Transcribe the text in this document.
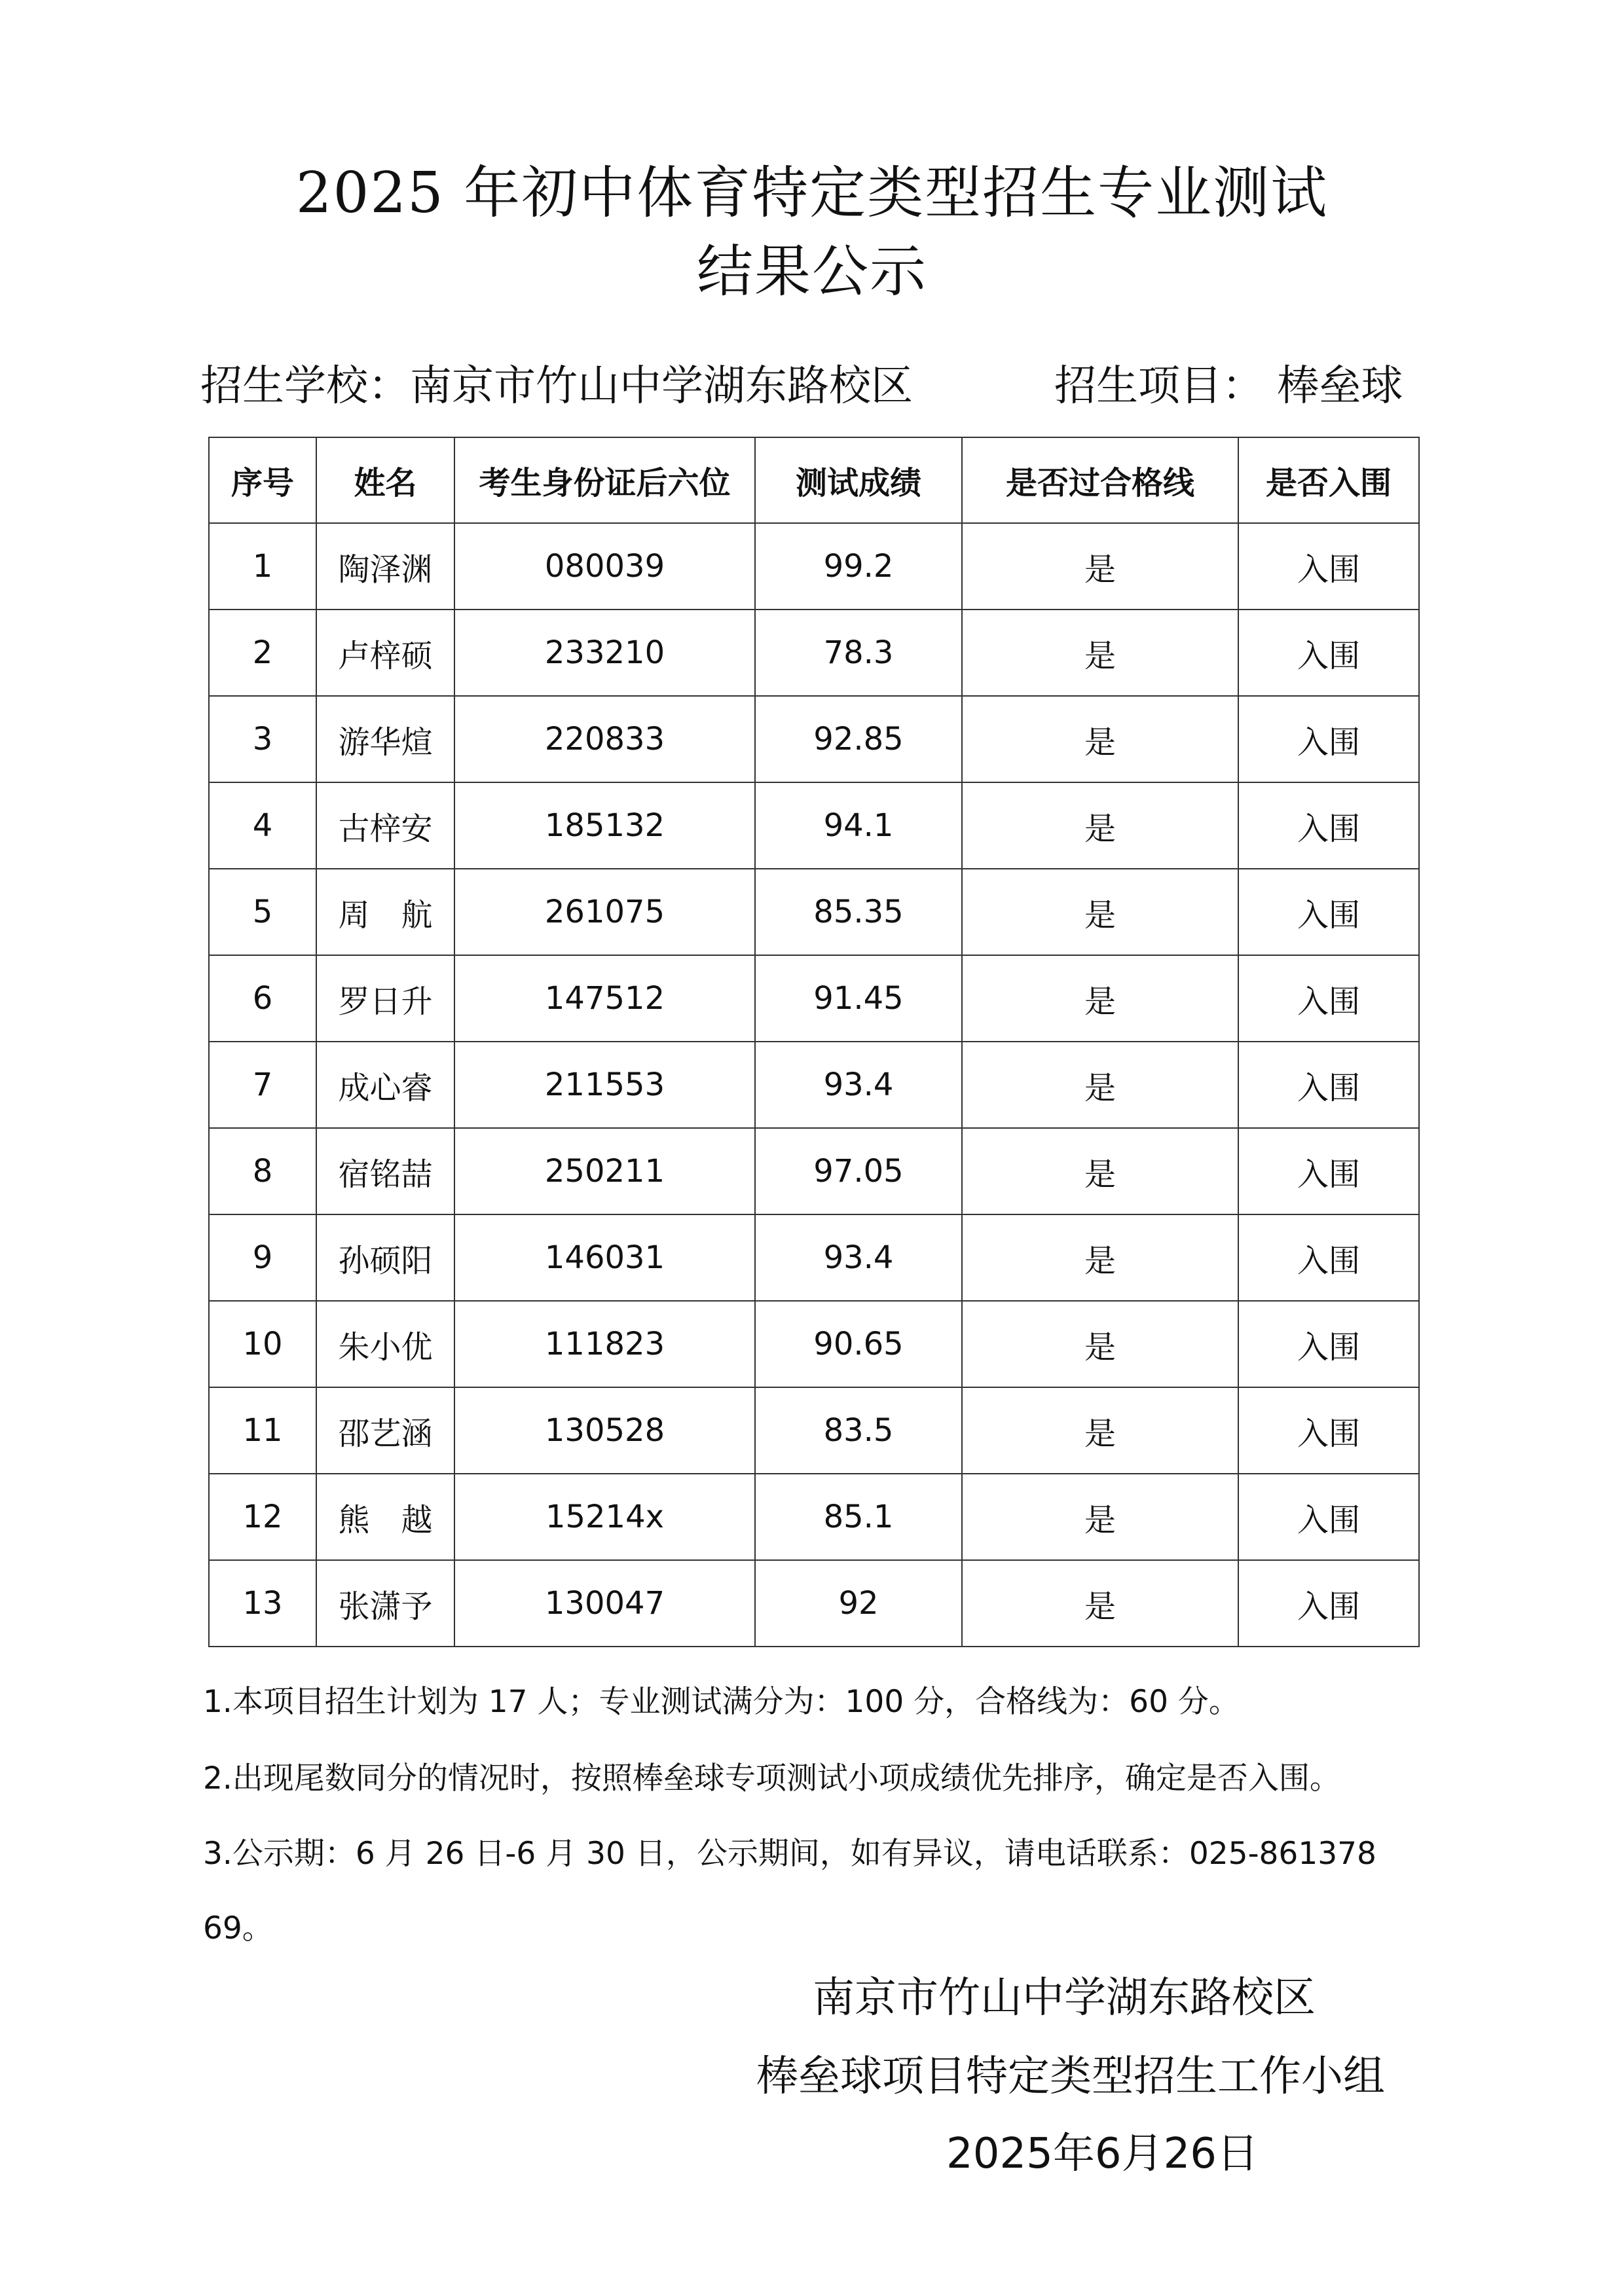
2025 年初中体育特定类型招生专业测试
结果公示
招生学校：南京市竹山中学湖东路校区	招生项目： 棒垒球
序号	姓名	考生身份证后六位	测试成绩	是否过合格线	是否入围
1	陶泽渊	080039	99.2	是	入围
2	卢梓硕	233210	78.3	是	入围
3	游华煊	220833	92.85	是	入围
4	古梓安	185132	94.1	是	入围
5	周　航	261075	85.35	是	入围
6	罗日升	147512	91.45	是	入围
7	成心睿	211553	93.4	是	入围
8	宿铭喆	250211	97.05	是	入围
9	孙硕阳	146031	93.4	是	入围
10	朱小优	111823	90.65	是	入围
11	邵艺涵	130528	83.5	是	入围
12	熊　越	15214x	85.1	是	入围
13	张潇予	130047	92	是	入围
1.本项目招生计划为 17 人；专业测试满分为：100 分，合格线为：60 分。
2.出现尾数同分的情况时，按照棒垒球专项测试小项成绩优先排序，确定是否入围。
3.公示期：6 月 26 日-6 月 30 日，公示期间，如有异议，请电话联系：025-861378
69。
南京市竹山中学湖东路校区
棒垒球项目特定类型招生工作小组
2025年6月26日
